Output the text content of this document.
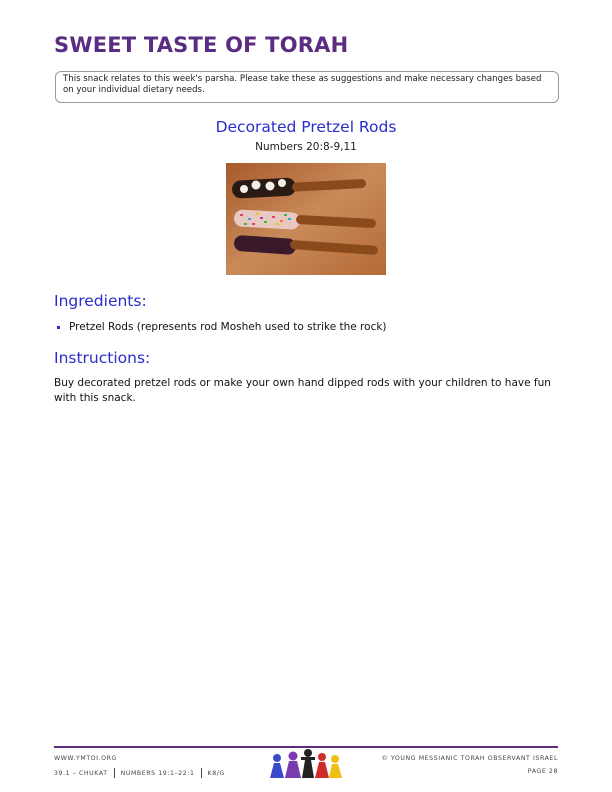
SWEET TASTE OF TORAH
This snack relates to this week's parsha. Please take these as suggestions and make necessary changes based on your individual dietary needs.
Decorated Pretzel Rods
Numbers 20:8-9,11
Ingredients:
Pretzel Rods (represents rod Mosheh used to strike the rock)
Instructions:
Buy decorated pretzel rods or make your own hand dipped rods with your children to have fun with this snack.
WWW.YMTOI.ORG
39.1 – CHUKAT NUMBERS 19:1–22:1 K8/G
© YOUNG MESSIANIC TORAH OBSERVANT ISRAEL
PAGE 28
